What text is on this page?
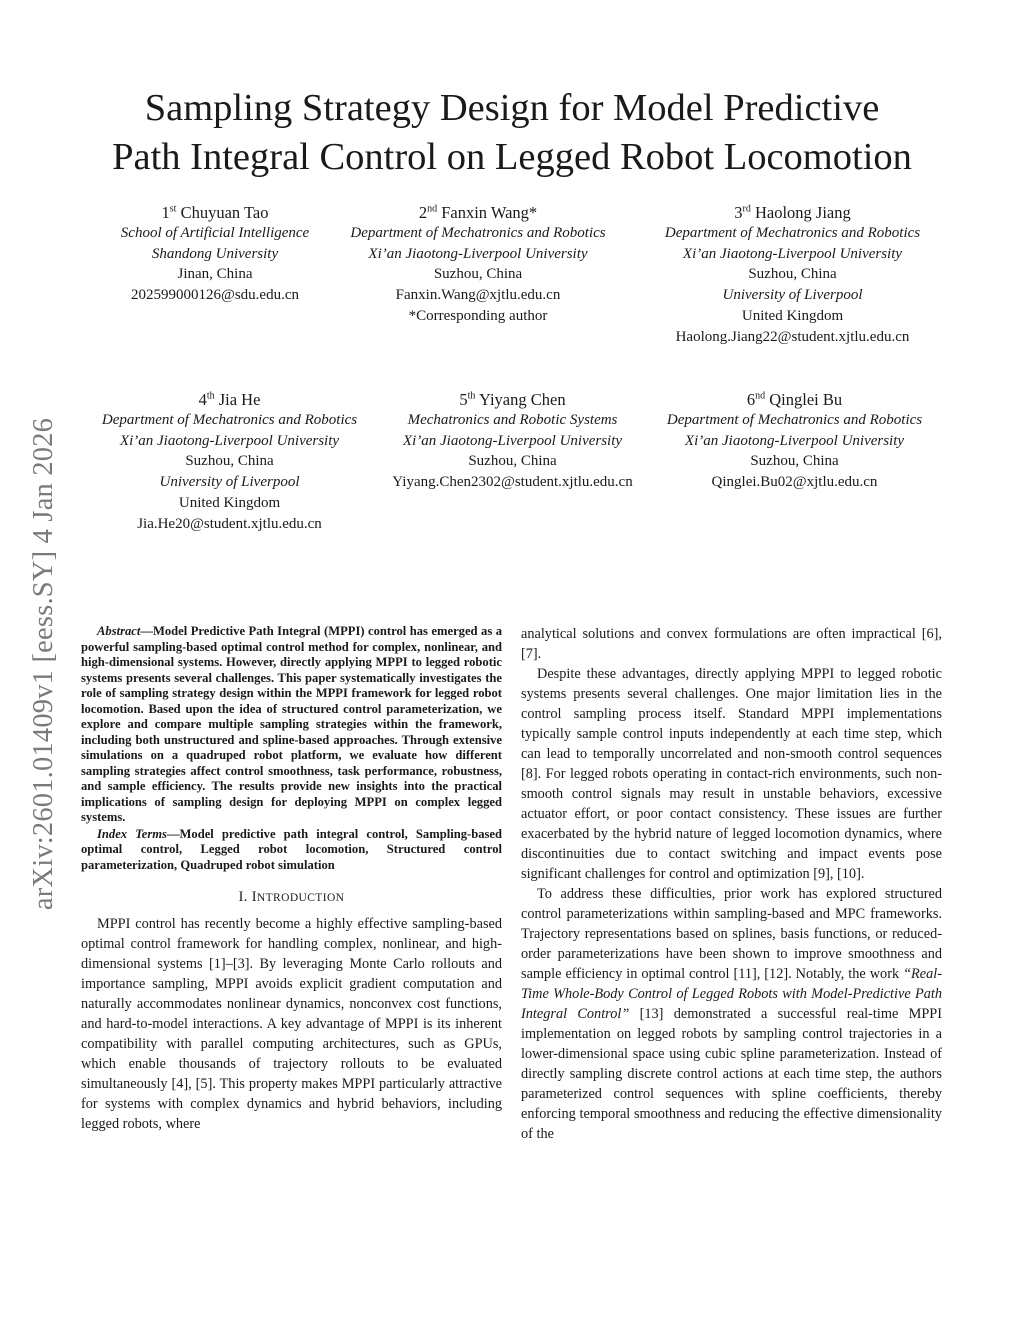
arXiv:2601.01409v1 [eess.SY] 4 Jan 2026
Sampling Strategy Design for Model Predictive
Path Integral Control on Legged Robot Locomotion
1st Chuyuan Tao
School of Artificial Intelligence
Shandong University
Jinan, China
202599000126@sdu.edu.cn
2nd Fanxin Wang*
Department of Mechatronics and Robotics
Xi’an Jiaotong-Liverpool University
Suzhou, China
Fanxin.Wang@xjtlu.edu.cn
*Corresponding author
3rd Haolong Jiang
Department of Mechatronics and Robotics
Xi’an Jiaotong-Liverpool University
Suzhou, China
University of Liverpool
United Kingdom
Haolong.Jiang22@student.xjtlu.edu.cn
4th Jia He
Department of Mechatronics and Robotics
Xi’an Jiaotong-Liverpool University
Suzhou, China
University of Liverpool
United Kingdom
Jia.He20@student.xjtlu.edu.cn
5th Yiyang Chen
Mechatronics and Robotic Systems
Xi’an Jiaotong-Liverpool University
Suzhou, China
Yiyang.Chen2302@student.xjtlu.edu.cn
6nd Qinglei Bu
Department of Mechatronics and Robotics
Xi’an Jiaotong-Liverpool University
Suzhou, China
Qinglei.Bu02@xjtlu.edu.cn

Abstract—Model Predictive Path Integral (MPPI) control has emerged as a powerful sampling-based optimal control method for complex, nonlinear, and high-dimensional systems. However, directly applying MPPI to legged robotic systems presents several challenges. This paper systematically investigates the role of sampling strategy design within the MPPI framework for legged robot locomotion. Based upon the idea of structured control parameterization, we explore and compare multiple sampling strategies within the framework, including both unstructured and spline-based approaches. Through extensive simulations on a quadruped robot platform, we evaluate how different sampling strategies affect control smoothness, task performance, robustness, and sample efficiency. The results provide new insights into the practical implications of sampling design for deploying MPPI on complex legged systems.

Index Terms—Model predictive path integral control, Sampling-based optimal control, Legged robot locomotion, Structured control parameterization, Quadruped robot simulation

I. INTRODUCTION

MPPI control has recently become a highly effective sampling-based optimal control framework for handling complex, nonlinear, and high-dimensional systems [1]–[3]. By leveraging Monte Carlo rollouts and importance sampling, MPPI avoids explicit gradient computation and naturally accommodates nonlinear dynamics, nonconvex cost functions, and hard-to-model interactions. A key advantage of MPPI is its inherent compatibility with parallel computing architectures, such as GPUs, which enable thousands of trajectory rollouts to be evaluated simultaneously [4], [5]. This property makes MPPI particularly attractive for systems with complex dynamics and hybrid behaviors, including legged robots, where

analytical solutions and convex formulations are often impractical [6], [7].

Despite these advantages, directly applying MPPI to legged robotic systems presents several challenges. One major limitation lies in the control sampling process itself. Standard MPPI implementations typically sample control inputs independently at each time step, which can lead to temporally uncorrelated and non-smooth control sequences [8]. For legged robots operating in contact-rich environments, such non-smooth control signals may result in unstable behaviors, excessive actuator effort, or poor contact consistency. These issues are further exacerbated by the hybrid nature of legged locomotion dynamics, where discontinuities due to contact switching and impact events pose significant challenges for control and optimization [9], [10].

To address these difficulties, prior work has explored structured control parameterizations within sampling-based and MPC frameworks. Trajectory representations based on splines, basis functions, or reduced-order parameterizations have been shown to improve smoothness and sample efficiency in optimal control [11], [12]. Notably, the work “Real-Time Whole-Body Control of Legged Robots with Model-Predictive Path Integral Control” [13] demonstrated a successful real-time MPPI implementation on legged robots by sampling control trajectories in a lower-dimensional space using cubic spline parameterization. Instead of directly sampling discrete control actions at each time step, the authors parameterized control sequences with spline coefficients, thereby enforcing temporal smoothness and reducing the effective dimensionality of the
